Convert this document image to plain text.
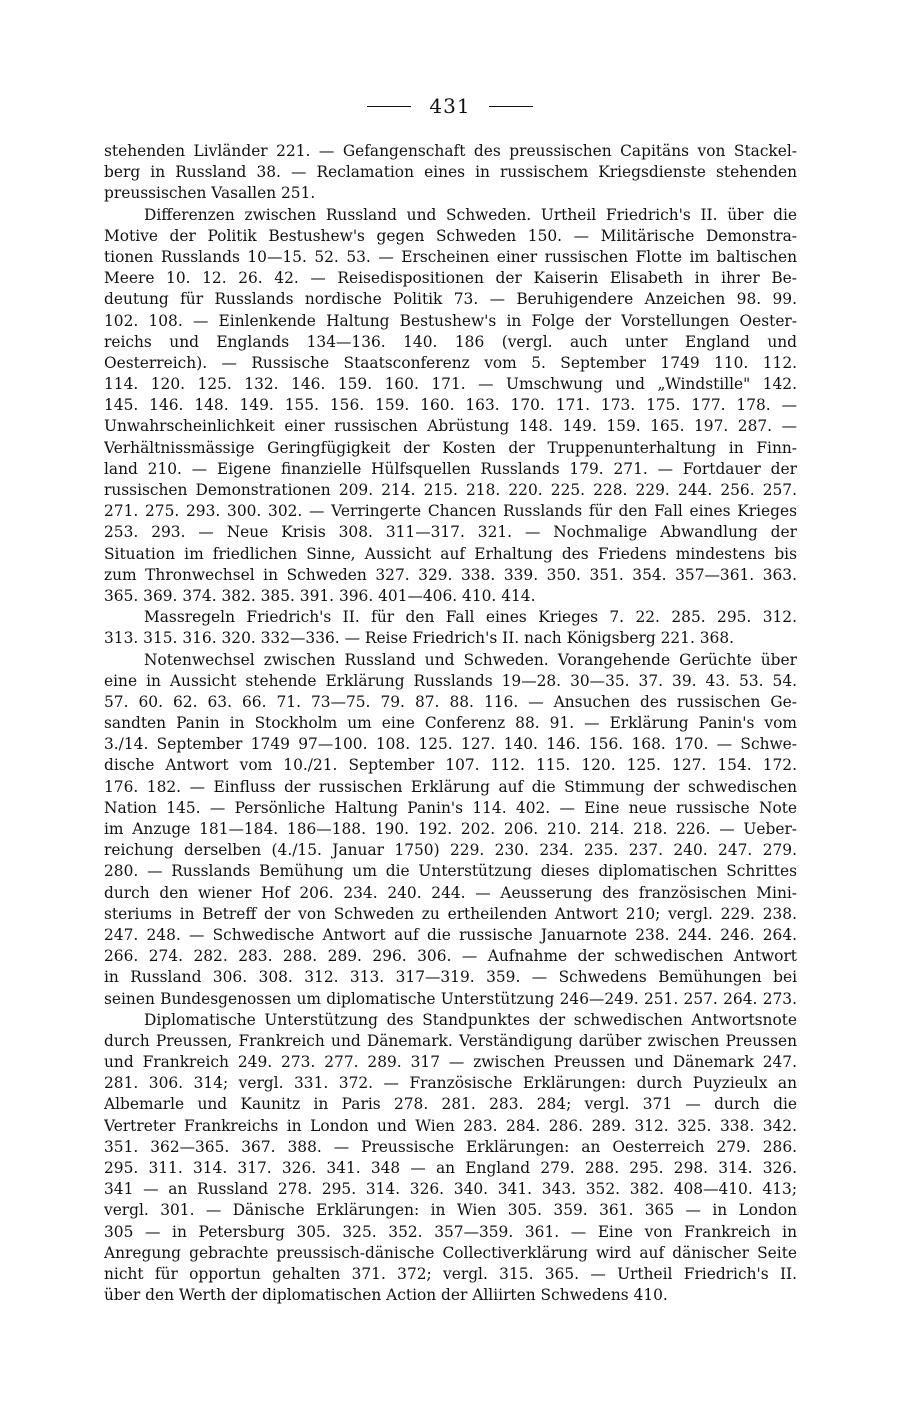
431
stehenden Livländer 221. — Gefangenschaft des preussischen Capitäns von Stackel-
berg in Russland 38. — Reclamation eines in russischem Kriegsdienste stehenden
preussischen Vasallen 251.
Differenzen zwischen Russland und Schweden. Urtheil Friedrich's II. über die
Motive der Politik Bestushew's gegen Schweden 150. — Militärische Demonstra-
tionen Russlands 10—15. 52. 53. — Erscheinen einer russischen Flotte im baltischen
Meere 10. 12. 26. 42. — Reisedispositionen der Kaiserin Elisabeth in ihrer Be-
deutung für Russlands nordische Politik 73. — Beruhigendere Anzeichen 98. 99.
102. 108. — Einlenkende Haltung Bestushew's in Folge der Vorstellungen Oester-
reichs und Englands 134—136. 140. 186 (vergl. auch unter England und
Oesterreich). — Russische Staatsconferenz vom 5. September 1749 110. 112.
114. 120. 125. 132. 146. 159. 160. 171. — Umschwung und „Windstille" 142.
145. 146. 148. 149. 155. 156. 159. 160. 163. 170. 171. 173. 175. 177. 178. —
Unwahrscheinlichkeit einer russischen Abrüstung 148. 149. 159. 165. 197. 287. —
Verhältnissmässige Geringfügigkeit der Kosten der Truppenunterhaltung in Finn-
land 210. — Eigene finanzielle Hülfsquellen Russlands 179. 271. — Fortdauer der
russischen Demonstrationen 209. 214. 215. 218. 220. 225. 228. 229. 244. 256. 257.
271. 275. 293. 300. 302. — Verringerte Chancen Russlands für den Fall eines Krieges
253. 293. — Neue Krisis 308. 311—317. 321. — Nochmalige Abwandlung der
Situation im friedlichen Sinne, Aussicht auf Erhaltung des Friedens mindestens bis
zum Thronwechsel in Schweden 327. 329. 338. 339. 350. 351. 354. 357—361. 363.
365. 369. 374. 382. 385. 391. 396. 401—406. 410. 414.
Massregeln Friedrich's II. für den Fall eines Krieges 7. 22. 285. 295. 312.
313. 315. 316. 320. 332—336. — Reise Friedrich's II. nach Königsberg 221. 368.
Notenwechsel zwischen Russland und Schweden. Vorangehende Gerüchte über
eine in Aussicht stehende Erklärung Russlands 19—28. 30—35. 37. 39. 43. 53. 54.
57. 60. 62. 63. 66. 71. 73—75. 79. 87. 88. 116. — Ansuchen des russischen Ge-
sandten Panin in Stockholm um eine Conferenz 88. 91. — Erklärung Panin's vom
3./14. September 1749 97—100. 108. 125. 127. 140. 146. 156. 168. 170. — Schwe-
dische Antwort vom 10./21. September 107. 112. 115. 120. 125. 127. 154. 172.
176. 182. — Einfluss der russischen Erklärung auf die Stimmung der schwedischen
Nation 145. — Persönliche Haltung Panin's 114. 402. — Eine neue russische Note
im Anzuge 181—184. 186—188. 190. 192. 202. 206. 210. 214. 218. 226. — Ueber-
reichung derselben (4./15. Januar 1750) 229. 230. 234. 235. 237. 240. 247. 279.
280. — Russlands Bemühung um die Unterstützung dieses diplomatischen Schrittes
durch den wiener Hof 206. 234. 240. 244. — Aeusserung des französischen Mini-
steriums in Betreff der von Schweden zu ertheilenden Antwort 210; vergl. 229. 238.
247. 248. — Schwedische Antwort auf die russische Januarnote 238. 244. 246. 264.
266. 274. 282. 283. 288. 289. 296. 306. — Aufnahme der schwedischen Antwort
in Russland 306. 308. 312. 313. 317—319. 359. — Schwedens Bemühungen bei
seinen Bundesgenossen um diplomatische Unterstützung 246—249. 251. 257. 264. 273.
Diplomatische Unterstützung des Standpunktes der schwedischen Antwortsnote
durch Preussen, Frankreich und Dänemark. Verständigung darüber zwischen Preussen
und Frankreich 249. 273. 277. 289. 317 — zwischen Preussen und Dänemark 247.
281. 306. 314; vergl. 331. 372. — Französische Erklärungen: durch Puyzieulx an
Albemarle und Kaunitz in Paris 278. 281. 283. 284; vergl. 371 — durch die
Vertreter Frankreichs in London und Wien 283. 284. 286. 289. 312. 325. 338. 342.
351. 362—365. 367. 388. — Preussische Erklärungen: an Oesterreich 279. 286.
295. 311. 314. 317. 326. 341. 348 — an England 279. 288. 295. 298. 314. 326.
341 — an Russland 278. 295. 314. 326. 340. 341. 343. 352. 382. 408—410. 413;
vergl. 301. — Dänische Erklärungen: in Wien 305. 359. 361. 365 — in London
305 — in Petersburg 305. 325. 352. 357—359. 361. — Eine von Frankreich in
Anregung gebrachte preussisch-dänische Collectiverklärung wird auf dänischer Seite
nicht für opportun gehalten 371. 372; vergl. 315. 365. — Urtheil Friedrich's II.
über den Werth der diplomatischen Action der Alliirten Schwedens 410.
